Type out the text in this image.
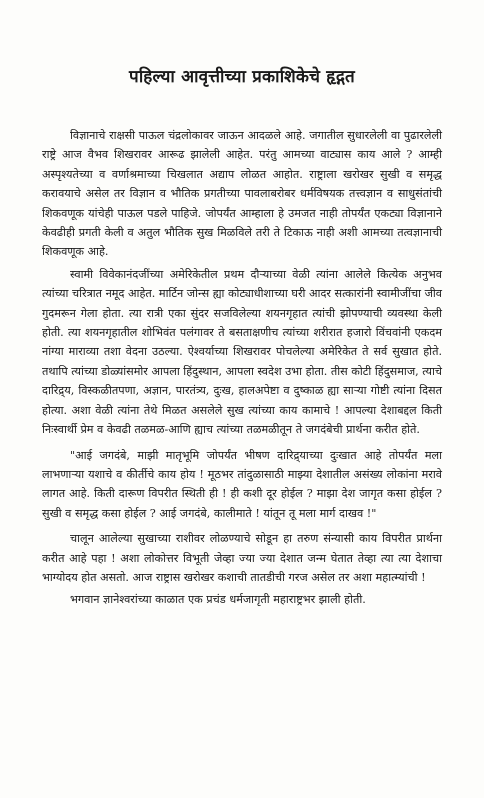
पहिल्या आवृत्तीच्या प्रकाशिकेचे हृद्गत

विज्ञानाचे राक्षसी पाऊल चंद्रलोकावर जाऊन आदळले आहे. जगातील सुधारलेली वा पुढारलेली राष्ट्रे आज वैभव शिखरावर आरूढ झालेली आहेत. परंतु आमच्या वाट्यास काय आले ? आम्ही अस्पृश्यतेच्या व वर्णाश्रमाच्या चिखलात अद्याप लोळत आहोत. राष्ट्राला खरोखर सुखी व समृद्ध करावयाचे असेल तर विज्ञान व भौतिक प्रगतीच्या पावलाबरोबर धर्मविषयक तत्त्वज्ञान व साधुसंतांची शिकवणूक यांचेही पाऊल पडले पाहिजे. जोपर्यंत आम्हाला हे उमजत नाही तोपर्यंत एकट्या विज्ञानाने केवढीही प्रगती केली व अतुल भौतिक सुख मिळविले तरी ते टिकाऊ नाही अशी आमच्या तत्वज्ञानाची शिकवणूक आहे.

स्वामी विवेकानंदजींच्या अमेरिकेतील प्रथम दौऱ्याच्या वेळी त्यांना आलेले कित्येक अनुभव त्यांच्या चरित्रात नमूद आहेत. मार्टिन जोन्स ह्या कोट्याधीशाच्या घरी आदर सत्कारांनी स्वामीजींचा जीव गुदमरून गेला होता. त्या रात्री एका सुंदर सजविलेल्या शयनगृहात त्यांची झोपण्याची व्यवस्था केली होती. त्या शयनगृहातील शोभिवंत पलंगावर ते बसताक्षणीच त्यांच्या शरीरात हजारो विंचवांनी एकदम नांग्या माराव्या तशा वेदना उठल्या. ऐश्वर्याच्या शिखरावर पोचलेल्या अमेरिकेत ते सर्व सुखात होते. तथापि त्यांच्या डोळ्यांसमोर आपला हिंदुस्थान, आपला स्वदेश उभा होता. तीस कोटी हिंदुसमाज, त्याचे दारिद्र्य, विस्कळीतपणा, अज्ञान, पारतंत्र्य, दुःख, हालअपेष्टा व दुष्काळ ह्या साऱ्या गोष्टी त्यांना दिसत होत्या. अशा वेळी त्यांना तेथे मिळत असलेले सुख त्यांच्या काय कामाचे ! आपल्या देशाबद्दल किती निःस्वार्थी प्रेम व केवढी तळमळ-आणि ह्याच त्यांच्या तळमळीतून ते जगदंबेची प्रार्थना करीत होते.

"आई जगदंबे, माझी मातृभूमि जोपर्यंत भीषण दारिद्र्याच्या दुःखात आहे तोपर्यंत मला लाभणाऱ्या यशाचे व कीर्तीचे काय होय ! मूठभर तांदुळासाठी माझ्या देशातील असंख्य लोकांना मरावे लागत आहे. किती दारूण विपरीत स्थिती ही ! ही कशी दूर होईल ? माझा देश जागृत कसा होईल ? सुखी व समृद्ध कसा होईल ? आई जगदंबे, कालीमाते ! यांतून तू मला मार्ग दाखव !"

चालून आलेल्या सुखाच्या राशीवर लोळण्याचे सोडून हा तरुण संन्यासी काय विपरीत प्रार्थना करीत आहे पहा ! अशा लोकोत्तर विभूती जेव्हा ज्या ज्या देशात जन्म घेतात तेव्हा त्या त्या देशाचा भाग्योदय होत असतो. आज राष्ट्रास खरोखर कशाची तातडीची गरज असेल तर अशा महात्म्यांची !

भगवान ज्ञानेश्वरांच्या काळात एक प्रचंड धर्मजागृती महाराष्ट्रभर झाली होती.
